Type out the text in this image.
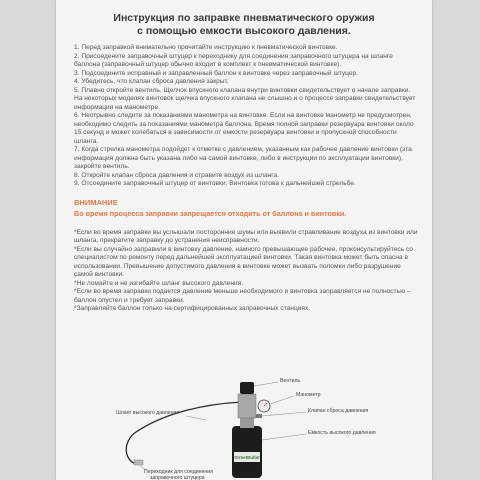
Инструкция по заправке пневматического оружия
с помощью емкости высокого давления.

1. Перед заправкой внимательно прочитайте инструкцию к пневматической винтовке.

2. Присоедените заправочный штуцер к переходнику для соединения заправочного штуцера на шланге баллона (заправочный штуцер обычно входит в комплект к пневматической винтовке).

3. Подсоедините исправный и заправленный баллон к винтовке через заправочный штуцер.

4. Убедитесь, что клапан сброса давления закрыт.

5. Плавно откройте вентиль. Щелчок впускного клапана внутри винтовки свидетельствует о начале заправки. На некоторых моделях винтовок щелчка впускного клапана не слышно и о процессе заправки свидетельствует информация на манометре.

6. Неотрывно следите за показаниями манометра на винтовке. Если на винтовке манометр не предусмотрен, необходимо следить за показаниями манометра баллона. Время полной заправки резервуара винтовки около 15 секунд и может колебаться в зависимости от емкости резервуара винтовки и пропускной способности шланга.

7. Когда стрелка манометра подойдет к отметке с давлением, указанным как рабочее давление винтовки (эта информация должна быть указана либо на самой винтовке, либо в инструкции по эксплуатации винтовки), закройте вентиль.

8. Откройте клапан сброса давления и стравите воздух из шланга.

9. Отсоедините заправочный штуцер от винтовки. Винтовка готова к дальнейшей стрельбе.

ВНИМАНИЕ
Во время процесса заправки запрещается отходить от баллона и винтовки.

*Если во время заправки вы услышали посторонние шумы или выявили стравливание воздуха из винтовки или шланга, прекратите заправку до устранения неисправности.

*Если вы случайно заправили в винтовку давление, намного превышающее рабочее, проконсультируйтесь со специалистом по ремонту перед дальнейшей эксплуатацией винтовки. Такая винтовка может быть опасна в использовании. Превышение допустимого давления в винтовке может вызвать поломки либо разрушение самой винтовки.

*Не ломайте и не изгибайте шланг высокого давления.

*Если во время заправки подается давление меньше необходимого и винтовка заправляется не полностью – баллон опустел и требует заправки.

*Заправляйте баллон только на сертифицированных заправочных станциях.

StreetBullet
Вентиль
Манометр
Клапан сброса давления
Шланг высокого давления
Емкость высокого давления
Переходник для соединения
заправочного штуцера
